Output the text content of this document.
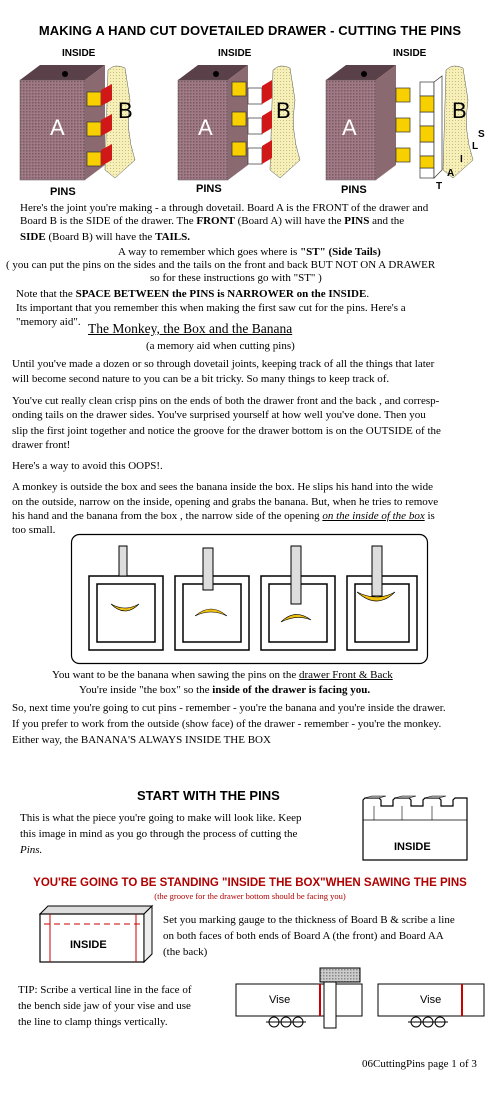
MAKING A HAND CUT DOVETAILED DRAWER - CUTTING THE PINS
INSIDE	INSIDE	INSIDE
A
B
A
B
A
B
S
L
I
A
T
PINS	PINS	PINS
Here's the joint you're making - a through dovetail. Board A is the FRONT of the drawer and
Board B is the SIDE of the drawer. The FRONT (Board A) will have the PINS and the
SIDE (Board B) will have the TAILS.
A way to remember which goes where is "ST" (Side Tails)
( you can put the pins on the sides and the tails on the front and back BUT NOT ON A DRAWER
so for these instructions go with "ST" )
Note that the SPACE BETWEEN the PINS is NARROWER on the INSIDE.
Its important that you remember this when making the first saw cut for the pins. Here's a
"memory aid". The Monkey, the Box and the Banana
(a memory aid when cutting pins)
Until you've made a dozen or so through dovetail joints, keeping track of all the things that later
will become second nature to you can be a bit tricky. So many things to keep track of.
You've cut really clean crisp pins on the ends of both the drawer front and the back , and corresp-
onding tails on the drawer sides. You've surprised yourself at how well you've done. Then you
slip the first joint together and notice the groove for the drawer bottom is on the OUTSIDE of the
drawer front!
Here's a way to avoid this OOPS!.
A monkey is outside the box and sees the banana inside the box. He slips his hand into the wide
on the outside, narrow on the inside, opening and grabs the banana. But, when he tries to remove
his hand and the banana from the box , the narrow side of the opening on the inside of the box is
too small.
You want to be the banana when sawing the pins on the drawer Front & Back
You're inside "the box" so the inside of the drawer is facing you.
So, next time you're going to cut pins - remember - you're the banana and you're inside the drawer.
If you prefer to work from the outside (show face) of the drawer - remember - you're the monkey.
Either way, the BANANA'S ALWAYS INSIDE THE BOX
START WITH THE PINS
This is what the piece you're going to make will look like. Keep
this image in mind as you go through the process of cutting the
Pins.	INSIDE
YOU'RE GOING TO BE STANDING "INSIDE THE BOX"WHEN SAWING THE PINS
(the groove for the drawer bottom should be facing you)
INSIDE
Set you marking gauge to the thickness of Board B & scribe a line
on both faces of both ends of Board A (the front) and Board AA
(the back)
TIP: Scribe a vertical line in the face of
the bench side jaw of your vise and use
the line to clamp things vertically.
Vise	Vise
06CuttingPins page 1 of 3
